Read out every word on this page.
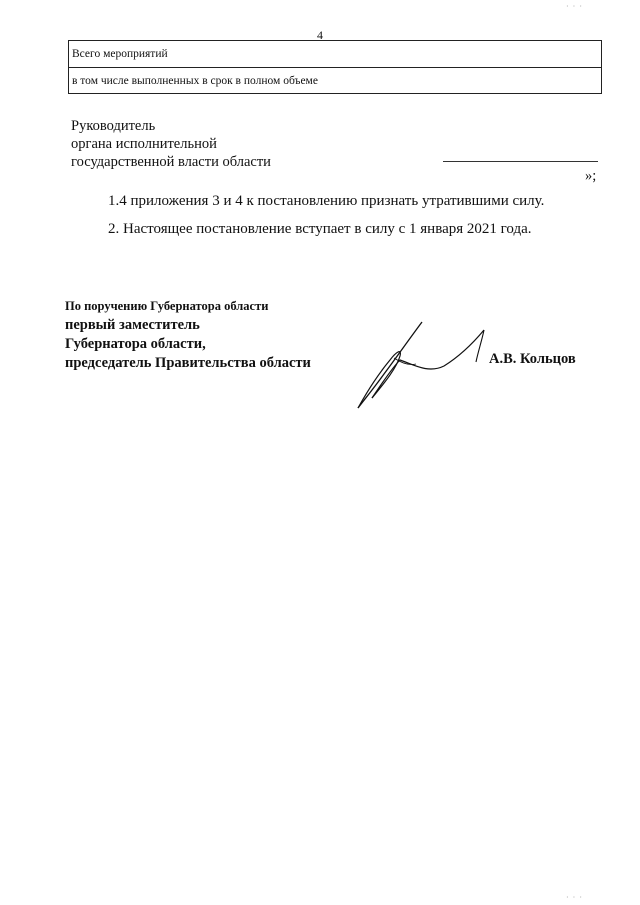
· · ·
4
Всего мероприятий
в том числе выполненных в срок в полном объеме
Руководитель
органа исполнительной
государственной власти области
»;
1.4 приложения 3 и 4 к постановлению признать утратившими силу.
2. Настоящее постановление вступает в силу с 1 января 2021 года.
По поручению Губернатора области
первый заместитель
Губернатора области,
председатель Правительства области	А.В. Кольцов
· · ·
